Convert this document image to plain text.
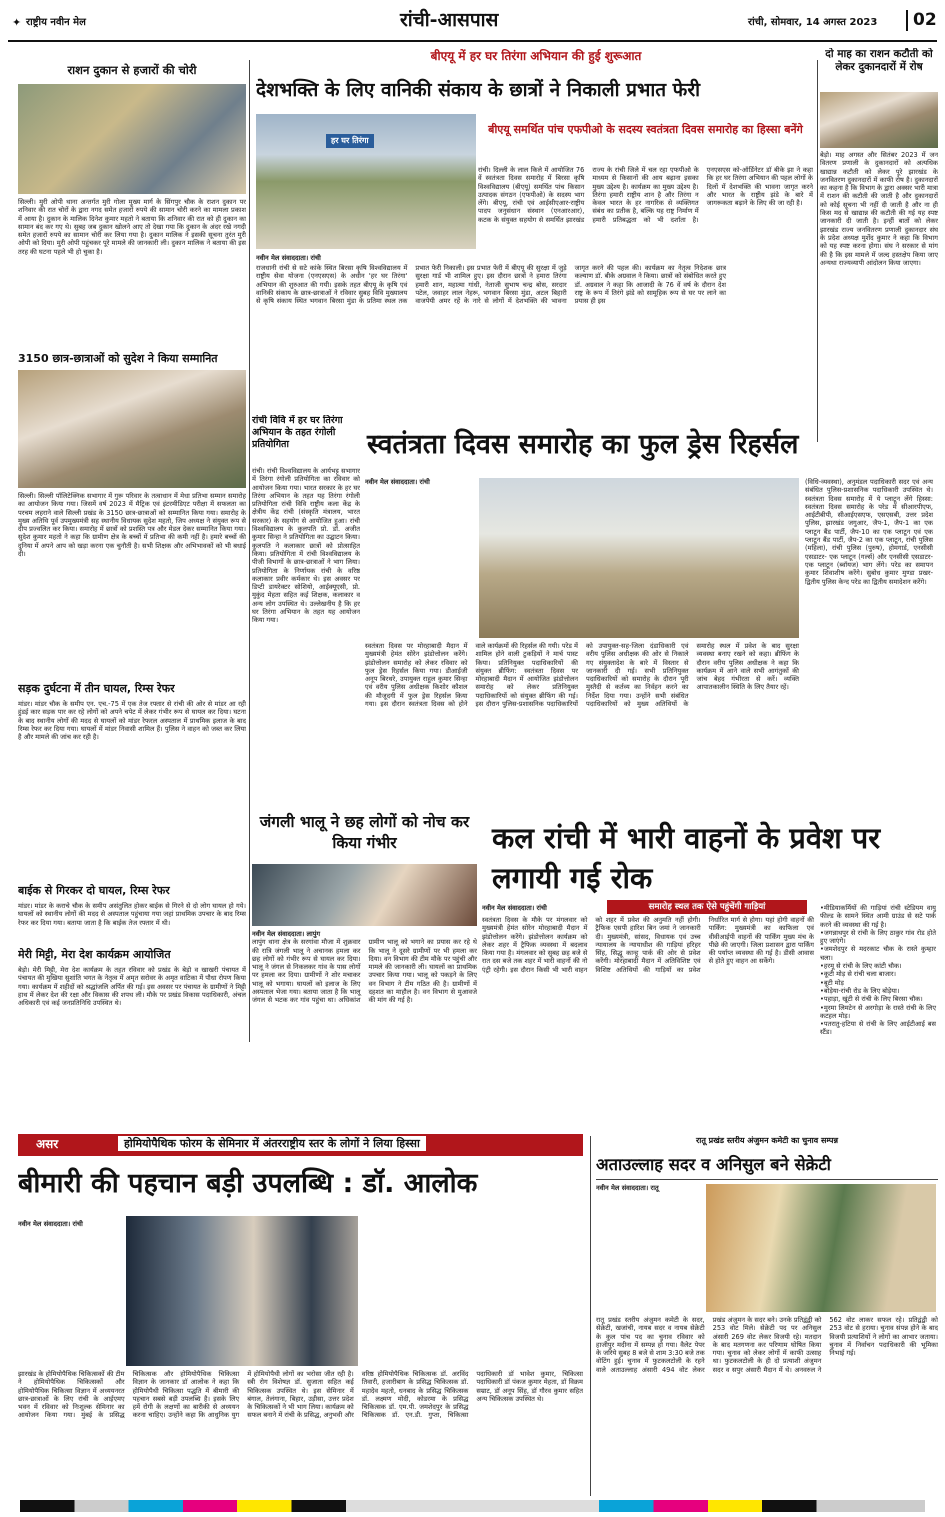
✦ राष्ट्रीय नवीन मेल	रांची-आसपास	रांची, सोमवार, 14 अगस्त 2023	02
राशन दुकान से हजारों की चोरी
सिल्ली। मुरी ओपी थाना अन्तर्गत मुरी गोला मुख्य मार्ग के सिंगपुर चौक के राशन दुकान पर शनिवार की रात चोरों के द्वारा नगद समेत हजारों रुपये की सामान चोरी करने का मामला प्रकाश में आया है। दुकान के मालिक दिनेश कुमार महतो ने बताया कि शनिवार की रात को ही दुकान का सामान बंद कर गए थे। सुबह जब दुकान खोलने आए तो देखा गया कि दुकान के अंदर रखे नगदी समेत हजारों रुपये का सामान चोरी कर लिया गया है। दुकान मालिक ने इसकी सूचना तुरंत मुरी ओपी को दिया। मुरी ओपी पहुंचकर पूरे मामले की जानकारी ली। दुकान मालिक ने बताया की इस तरह की घटना पहले भी हो चुका है।
3150 छात्र-छात्राओं को सुदेश ने किया सम्मानित
सिल्ली। सिल्ली पॉलिटेक्निक सभागार में गुरू परिवार के तत्वाधान में मेधा प्रतिभा सम्मान समारोह का आयोजन किया गया। जिसमें वर्ष 2023 में मैट्रिक एवं इंटरमीडिएट परीक्षा में सफलता का परचम लहराने वाले सिल्ली प्रखंड के 3150 छात्र-छात्राओं को सम्मानित किया गया। समारोह के मुख्य अतिथि पूर्व उपमुख्यमंत्री सह स्थानीय विधायक सुदेश महतो, जिप अध्यक्ष ने संयुक्त रूप से दीप प्रज्वलित कर किया। समारोह में छात्रों को प्रशस्ति पत्र और मेडल देकर सम्मानित किया गया। सुदेश कुमार महतो ने कहा कि ग्रामीण क्षेत्र के बच्चों में प्रतिभा की कमी नहीं है। हमारे बच्चों की दुनिया में अपने आप को खड़ा करना एक चुनौती है। सभी शिक्षक और अभिभावकों को भी बधाई दी।
सड़क दुर्घटना में तीन घायल, रिम्स रेफर
मांडर। मांडर चौक के समीप एन. एच.-75 में एक तेज रफ्तार से रांची की ओर से मांडर आ रही हुंडई कार सड़क पार कर रहे लोगों को अपने चपेट में लेकर गंभीर रूप से घायल कर दिया। घटना के बाद स्थानीय लोगों की मदद से घायलों को मांडर रेफरल अस्पताल में प्राथमिक इलाज के बाद रिम्स रेफर कर दिया गया। घायलों में मांडर निवासी शामिल हैं। पुलिस ने वाहन को जब्त कर लिया है और मामले की जांच कर रही है।
बाईक से गिरकर दो घायल, रिम्स रेफर
मांडर। मांडर के कराचे चौक के समीप असंतुलित होकर बाईक से गिरने से दो लोग घायल हो गये। घायलों को स्थानीय लोगों की मदद से अस्पताल पहुंचाया गया जहां प्राथमिक उपचार के बाद रिम्स रेफर कर दिया गया। बताया जाता है कि बाईक तेज रफ्तार में थी।
मेरी मिट्टी, मेरा देश कार्यक्रम आयोजित
बेड़ो। मेरी मिट्टी, मेरा देश कार्यक्रम के तहत रविवार को प्रखंड के बेड़ो व खाखरी पंचायत में पंचायत की मुखिया सुशांति भगत के नेतृत्व में अमृत सरोवर के अमृत वाटिका में पौधा रोपण किया गया। कार्यक्रम में शहीदों को श्रद्धांजलि अर्पित की गई। इस अवसर पर पंचायत के ग्रामीणों ने मिट्टी हाथ में लेकर देश की रक्षा और विकास की शपथ ली। मौके पर प्रखंड विकास पदाधिकारी, अंचल अधिकारी एवं कई जनप्रतिनिधि उपस्थित थे।
बीएयू में हर घर तिरंगा अभियान की हुई शुरूआत
देशभक्ति के लिए वानिकी संकाय के छात्रों ने निकाली प्रभात फेरी
हर घर तिरंगा
नवीन मेल संवाददाता। रांची
राजधानी रांची से सटे कांके स्थित बिरसा कृषि विश्वविद्यालय में राष्ट्रीय सेवा योजना (एनएसएस) के अधीन 'हर घर तिरंगा' अभियान की शुरुआत की गयी। इसके तहत बीएयू के कृषि एवं वानिकी संकाय के छात्र-छात्राओं ने रविवार सुबह विवि मुख्यालय से कृषि संकाय स्थित भगवान बिरसा मुंडा के प्रतिमा स्थल तक प्रभात फेरी निकाली। इस प्रभात फेरी में बीएयू की सुरक्षा में जुड़े सुरक्षा गार्ड भी शामिल हुए। इस दौरान छात्रों ने हमारा तिरंगा हमारी शान, महात्मा गांधी, नेताजी सुभाष चन्द्र बोस, सरदार पटेल, जवाहर लाल नेहरू, भगवान बिरसा मुंडा, अटल बिहारी वाजपेयी अमर रहें के नारे से लोगों में देशभक्ति की भावना जागृत करने की पहल की। कार्यक्रम का नेतृत्व निदेशक छात्र कल्याण डॉ. बीके अग्रवाल ने किया। छात्रों को संबोधित करते हुए डॉ. अग्रवाल ने कहा कि आजादी के 76 वें वर्ष के दौरान देश राष्ट्र के रूप में तिरंगे झंडे को सामूहिक रूप से घर पर लाने का प्रयास ही इस
बीएयू समर्थित पांच एफपीओ के सदस्य स्वतंत्रता दिवस समारोह का हिस्सा बनेंगे
रांची। दिल्ली के लाल किले में आयोजित 76 वें स्वतंत्रता दिवस समारोह में बिरसा कृषि विश्वविद्यालय (बीएयू) समर्थित पांच किसान उत्पादक संगठन (एफपीओ) के सदस्य भाग लेंगे। बीएयू, रांची एवं आईसीएआर-राष्ट्रीय पादप जनुसंधान संस्थान (एनआरआर), कटक के संयुक्त सहयोग से समर्थित झारखंड राज्य के रांची जिले में चल रहा एफपीओ के माध्यम से किसानों की आय बढ़ाना इसका मुख्य उद्देश्य है। कार्यक्रम का मुख्य उद्देश्य है। तिरंगा हमारी राष्ट्रीय शान है और तिरंगा न केवल भारत के हर नागरिक से व्यक्तिगत संबंध का प्रतीक है, बल्कि यह राष्ट्र निर्माण में हमारी प्रतिबद्धता को भी दर्शाता है। एनएसएस को-ऑर्डिनेटर डॉ बीके झा ने कहा कि हर घर तिरंगा अभियान की पहल लोगों के दिलों में देशभक्ति की भावना जागृत करने और भारत के राष्ट्रीय झंडे के बारे में जागरूकता बढ़ाने के लिए की जा रही है।
दो माह का राशन कटौती को लेकर दुकानदारों में रोष
बेड़ो। माह अगस्त और सितंबर 2023 में जन वितरण प्रणाली के दुकानदारों को अत्यधिक खाद्यान्न कटौती को लेकर पूरे झारखंड के जनवितरण दुकानदारों में काफी रोष है। दुकानदारों का कहना है कि विभाग के द्वारा अक्सर भारी मात्रा में राशन की कटौती की जाती है और दुकानदारों को कोई सूचना भी नहीं दी जाती है और ना ही किस मद से खाद्यान्न की कटौती की गई यह स्पष्ट जानकारी दी जाती है। इन्हीं बातों को लेकर झारखंड राज्य जनवितरण प्रणाली दुकानदार संघ के प्रदेश अध्यक्ष मुर्शेद कुमार ने कहा कि विभाग को यह स्पष्ट करना होगा। संघ ने सरकार से मांग की है कि इस मामले में जल्द हस्तक्षेप किया जाए अन्यथा राज्यव्यापी आंदोलन किया जाएगा।
रांची विवि में हर घर तिरंगा अभियान के तहत रंगोली प्रतियोगिता
रांची। रांची विश्वविद्यालय के आर्यभट्ट सभागार में तिरंगा रंगोली प्रतियोगिता का रविवार को आयोजन किया गया। भारत सरकार के हर घर तिरंगा अभियान के तहत यह तिरंगा रंगोली प्रतियोगिता रांची विवि राष्ट्रीय कला केंद्र के क्षेत्रीय केंद्र रांची (संस्कृति मंत्रालय, भारत सरकार) के सहयोग से आयोजित हुआ। रांची विश्वविद्यालय के कुलपति प्रो. डॉ. अजीत कुमार सिन्हा ने प्रतियोगिता का उद्घाटन किया। कुलपति ने कलाकार छात्रों को प्रोत्साहित किया। प्रतियोगिता में रांची विश्वविद्यालय के पीजी विभागों के छात्र-छात्राओं ने भाग लिया। प्रतियोगिता के निर्णायक रांची के वरिष्ठ कलाकार प्रवीर कर्मकार थे। इस अवसर पर डिप्टी डायरेक्टर सोशियो, आईक्यूएसी, प्रो. मुकुंद मेहता सहित कई शिक्षक, कलाकार व अन्य लोग उपस्थित थे। उल्लेखनीय है कि हर घर तिरंगा अभियान के तहत यह आयोजन किया गया।
स्वतंत्रता दिवस समारोह का फुल ड्रेस रिहर्सल
नवीन मेल संवाददाता। रांची
स्वतंत्रता दिवस पर मोरहाबादी मैदान में मुख्यमंत्री हेमंत सोरेन झंडोत्तोलन करेंगे। झंडोत्तोलन समारोह को लेकर रविवार को फुल ड्रेस रिहर्सल किया गया। डीआईजी अनूप बिरथरे, उपायुक्त राहुल कुमार सिन्हा एवं वरीय पुलिस अधीक्षक किशोर कौशल की मौजूदगी में फुल ड्रेस रिहर्सल किया गया। इस दौरान स्वतंत्रता दिवस को होने वाले कार्यक्रमों की रिहर्सल की गयी। परेड में शामिल होने वाली टुकड़ियों ने मार्च पास्ट किया। प्रतिनियुक्त पदाधिकारियों की संयुक्त ब्रीफिंग: स्वतंत्रता दिवस पर मोरहाबादी मैदान में आयोजित झंडोत्तोलन समारोह को लेकर प्रतिनियुक्त पदाधिकारियों को संयुक्त ब्रीफिंग की गई। इस दौरान पुलिस-प्रशासनिक पदाधिकारियों को उपायुक्त-सह-जिला दंडाधिकारी एवं वरीय पुलिस अधीक्षक की ओर से निकाले गए संयुक्तादेश के बारे में विस्तार से जानकारी दी गई। सभी प्रतिनियुक्त पदाधिकारियों को समारोह के दौरान पूरी मुस्तैदी से कर्तव्य का निर्वहन करने का निर्देश दिया गया। उन्होंने सभी संबंधित पदाधिकारियों को मुख्य अतिथियों के समारोह स्थल में प्रवेश के बाद सुरक्षा व्यवस्था बनाए रखने को कहा। ब्रीफिंग के दौरान वरीय पुलिस अधीक्षक ने कहा कि कार्यक्रम में आने वाले सभी आगंतुकों की जांच बेहद गंभीरता से करें। व्यक्ति आपातकालीन स्थिति के लिए तैयार रहें।
(विधि-व्यवस्था), अनुमंडल पदाधिकारी सदर एवं अन्य संबंधित पुलिस-प्रशासनिक पदाधिकारी उपस्थित थे। स्वतंत्रता दिवस समारोह में ये प्लाटून लेंगे हिस्सा: स्वतंत्रता दिवस समारोह के परेड में सीआरपीएफ, आईटीबीपी, सीआईएसएफ, एसएसबी, उत्तर प्रदेश पुलिस, झारखंड जगुआर, जैप-1, जैप-1 का एक प्लाटून बैंड पार्टी, जैप-10 का एक प्लाटून एवं एक प्लाटून बैंड पार्टी, जैप-2 का एक प्लाटून, रांची पुलिस (महिला), रांची पुलिस (पुरुष), होमगार्ड, एनसीसी एसडाटर- एक प्लाटून (गर्ल्स) और एनसीसी एसडाटर- एक प्लाटून (ब्वॉयज) भाग लेंगे। परेड का समापन कुमार शिवाशीष करेंगे। सुबोध कुमार मुण्डा प्रखर-द्वितीय पुलिस केन्द परेड का द्वितीय समादेशन करेंगे।
जंगली भालू ने छह लोगों को नोच कर किया गंभीर
नवीन मेल संवाददाता। लापुंग
लापुंग थाना क्षेत्र के सरगांवा मौजा में शुक्रवार की रात्रि जंगली भालू ने अचानक हमला कर छह लोगों को गंभीर रूप से घायल कर दिया। भालू ने जंगल से निकलकर गांव के पास लोगों पर हमला कर दिया। ग्रामीणों ने शोर मचाकर भालू को भगाया। घायलों को इलाज के लिए अस्पताल भेजा गया। बताया जाता है कि भालू जंगल से भटक कर गांव पहुंचा था। अधिकांश ग्रामीण भालू को भगाने का प्रयास कर रहे थे कि भालू ने दूसरे ग्रामीणों पर भी हमला कर दिया। वन विभाग की टीम मौके पर पहुंची और मामले की जानकारी ली। घायलों का प्राथमिक उपचार किया गया। भालू को पकड़ने के लिए वन विभाग ने टीम गठित की है। ग्रामीणों में दहशत का माहौल है। वन विभाग से मुआवजे की मांग की गई है।
कल रांची में भारी वाहनों के प्रवेश पर लगायी गई रोक
नवीन मेल संवाददाता। रांची	समारोह स्थल तक ऐसे पहुंचेंगी गाड़ियां
स्वतंत्रता दिवस के मौके पर मंगलवार को मुख्यमंत्री हेमंत सोरेन मोरहाबादी मैदान में झंडोत्तोलन करेंगे। झंडोत्तोलन कार्यक्रम को लेकर शहर में ट्रैफिक व्यवस्था में बदलाव किया गया है। मंगलवार को सुबह छह बजे से रात दस बजे तक शहर में भारी वाहनों की नो एंट्री रहेगी। इस दौरान किसी भी भारी वाहन को शहर में प्रवेश की अनुमति नहीं होगी। ट्रैफिक एसपी हारिश बिन जमां ने जानकारी दी। मुख्यमंत्री, सांसद, विधायक एवं उच्च न्यायालय के न्यायाधीश की गाड़ियां हरिहर सिंह, सिद्धू कान्हू पार्क की ओर से प्रवेश करेंगी। मोरहाबादी मैदान में अतिविशिष्ट एवं विशिष्ट अतिथियों की गाड़ियों का प्रवेश निर्धारित मार्ग से होगा। यहां होगी वाहनों की पार्किंग: मुख्यमंत्री का काफिला एवं वीवीआईपी वाहनों की पार्किंग मुख्य मंच के पीछे की जाएगी। जिला प्रशासन द्वारा पार्किंग की पर्याप्त व्यवस्था की गई है। डीसी आवास से होते हुए वाहन आ सकेंगे।
•मीडियाकर्मियों की गाड़ियां रांची स्टेडियम वायु फील्ड के सामने स्थित आमी ग्राउंड से सटे पार्क करने की व्यवस्था की गई है।
•जगन्नाथपुर से रांची के लिए ठाकुर गांव रोड होते हुए जाएंगे।
•जमशेदपुर से मदरकाट चौक के रास्ते कुम्हार चला।
•हरमू से रांची के लिए कांटी चौक।
•कूटी मोड़ से रांची चला बाजार।
•बूटी मोड़
•बोड़ेया-रांची रोड के लिए बोड़ेया।
•पहाड़ा, खूंटी से रांची के लिए बिरसा चौक।
•मुरमा लिमटेन से अरगोड़ा के रास्ते रांची के लिए कटहल मोड़।
•पतरातु-हटिया से रांची के लिए आईटीआई बस स्टैंड।
असर	होमियोपैथिक फोरम के सेमिनार में अंतरराष्ट्रीय स्तर के लोगों ने लिया हिस्सा
बीमारी की पहचान बड़ी उपलब्धि : डॉ. आलोक
नवीन मेल संवाददाता। रांची
झारखंड के होमियोपैथिक चिकित्सकों की टीम ने होमियोपैथिक चिकित्सकों और होमियोपैथिक चिकित्सा विज्ञान में अध्ययनरत छात्र-छात्राओं के लिए रांची के आईएमए भवन में रविवार को निःशुल्क सेमिनार का आयोजन किया गया। मुंबई के प्रसिद्ध चिकित्सक और होमियोपैथिक चिकित्सा विज्ञान के जानकार डॉ आलोक ने कहा कि होमियोपैथी चिकित्सा पद्धति में बीमारी की पहचान सबसे बड़ी उपलब्धि है। इसके लिए हमें रोगी के लक्षणों का बारीकी से अध्ययन करना चाहिए। उन्होंने कहा कि आधुनिक युग में होमियोपैथी लोगों का भरोसा जीत रही है। स्त्री रोग विशेषज्ञ डॉ. सुजाता सहित कई चिकित्सक उपस्थित थे। इस सेमिनार में बंगाल, तेलंगाना, बिहार, उड़ीसा, उत्तर प्रदेश के चिकित्सकों ने भी भाग लिया। कार्यक्रम को सफल बनाने में रांची के प्रसिद्ध, अनुभवी और वरिष्ठ होमियोपैथिक चिकित्सक डॉ. अरविंद तिवारी, हजारीबाग के प्रसिद्ध चिकित्सक डॉ. महादेव महतो, धनबाद के प्रसिद्ध चिकित्सक डॉ. लक्ष्मण मोदी, कोडरमा के प्रसिद्ध चिकित्सक डॉ. एम.पी. जमशेदपुर के प्रसिद्ध चिकित्सक डॉ. एन.डी. गुप्ता, चिकित्सा पदाधिकारी डॉ भावेश कुमार, चिकित्सा पदाधिकारी डॉ पंकज कुमार मेहता, डॉ विक्रम सम्राट, डॉ अनूप सिंह, डॉ गौरव कुमार सहित अन्य चिकित्सक उपस्थित थे।
रातू प्रखंड स्तरीय अंजुमन कमेटी का चुनाव सम्पन्न
अताउल्लाह सदर व अनिसुल बने सेक्रेटी
नवीन मेल संवाददाता। रातू
रातू प्रखंड स्तरीय अंजुमन कमेटी के सदर, सेक्रेटी, खजांची, नायब सदर व नायब सेक्रेटी के कुल पांच पद का चुनाव रविवार को हाजीपुर मदीना में सम्पन्न हो गया। वैलेट पेपर के जरिये सुबह 8 बजे से शाम 3:30 बजे तक वोटिंग हुई। चुनाव में फुटकलटोली के रहने वाले अताउल्लाह अंसारी 494 वोट लेकर प्रखंड अंजुमन के सदर बने। उनके प्रतिद्वंद्वी को 253 वोट मिले। सेक्रेटी पद पर अनिसुल अंसारी 269 वोट लेकर विजयी रहे। मतदान के बाद मतगणना कर परिणाम घोषित किया गया। चुनाव को लेकर लोगों में काफी उत्साह था। फुटकलटोली के ही दो प्रत्याशी अंजुमन सदर व सपुर अंसारी मैदान में थे। अनवरुल ने 562 वोट लाकर सफल रहे। प्रतिद्वंद्वी को 253 वोट से हराया। चुनाव संपन्न होने के बाद विजयी प्रत्याशियों ने लोगों का आभार जताया। चुनाव में निर्वाचन पदाधिकारी की भूमिका निभाई गई।
